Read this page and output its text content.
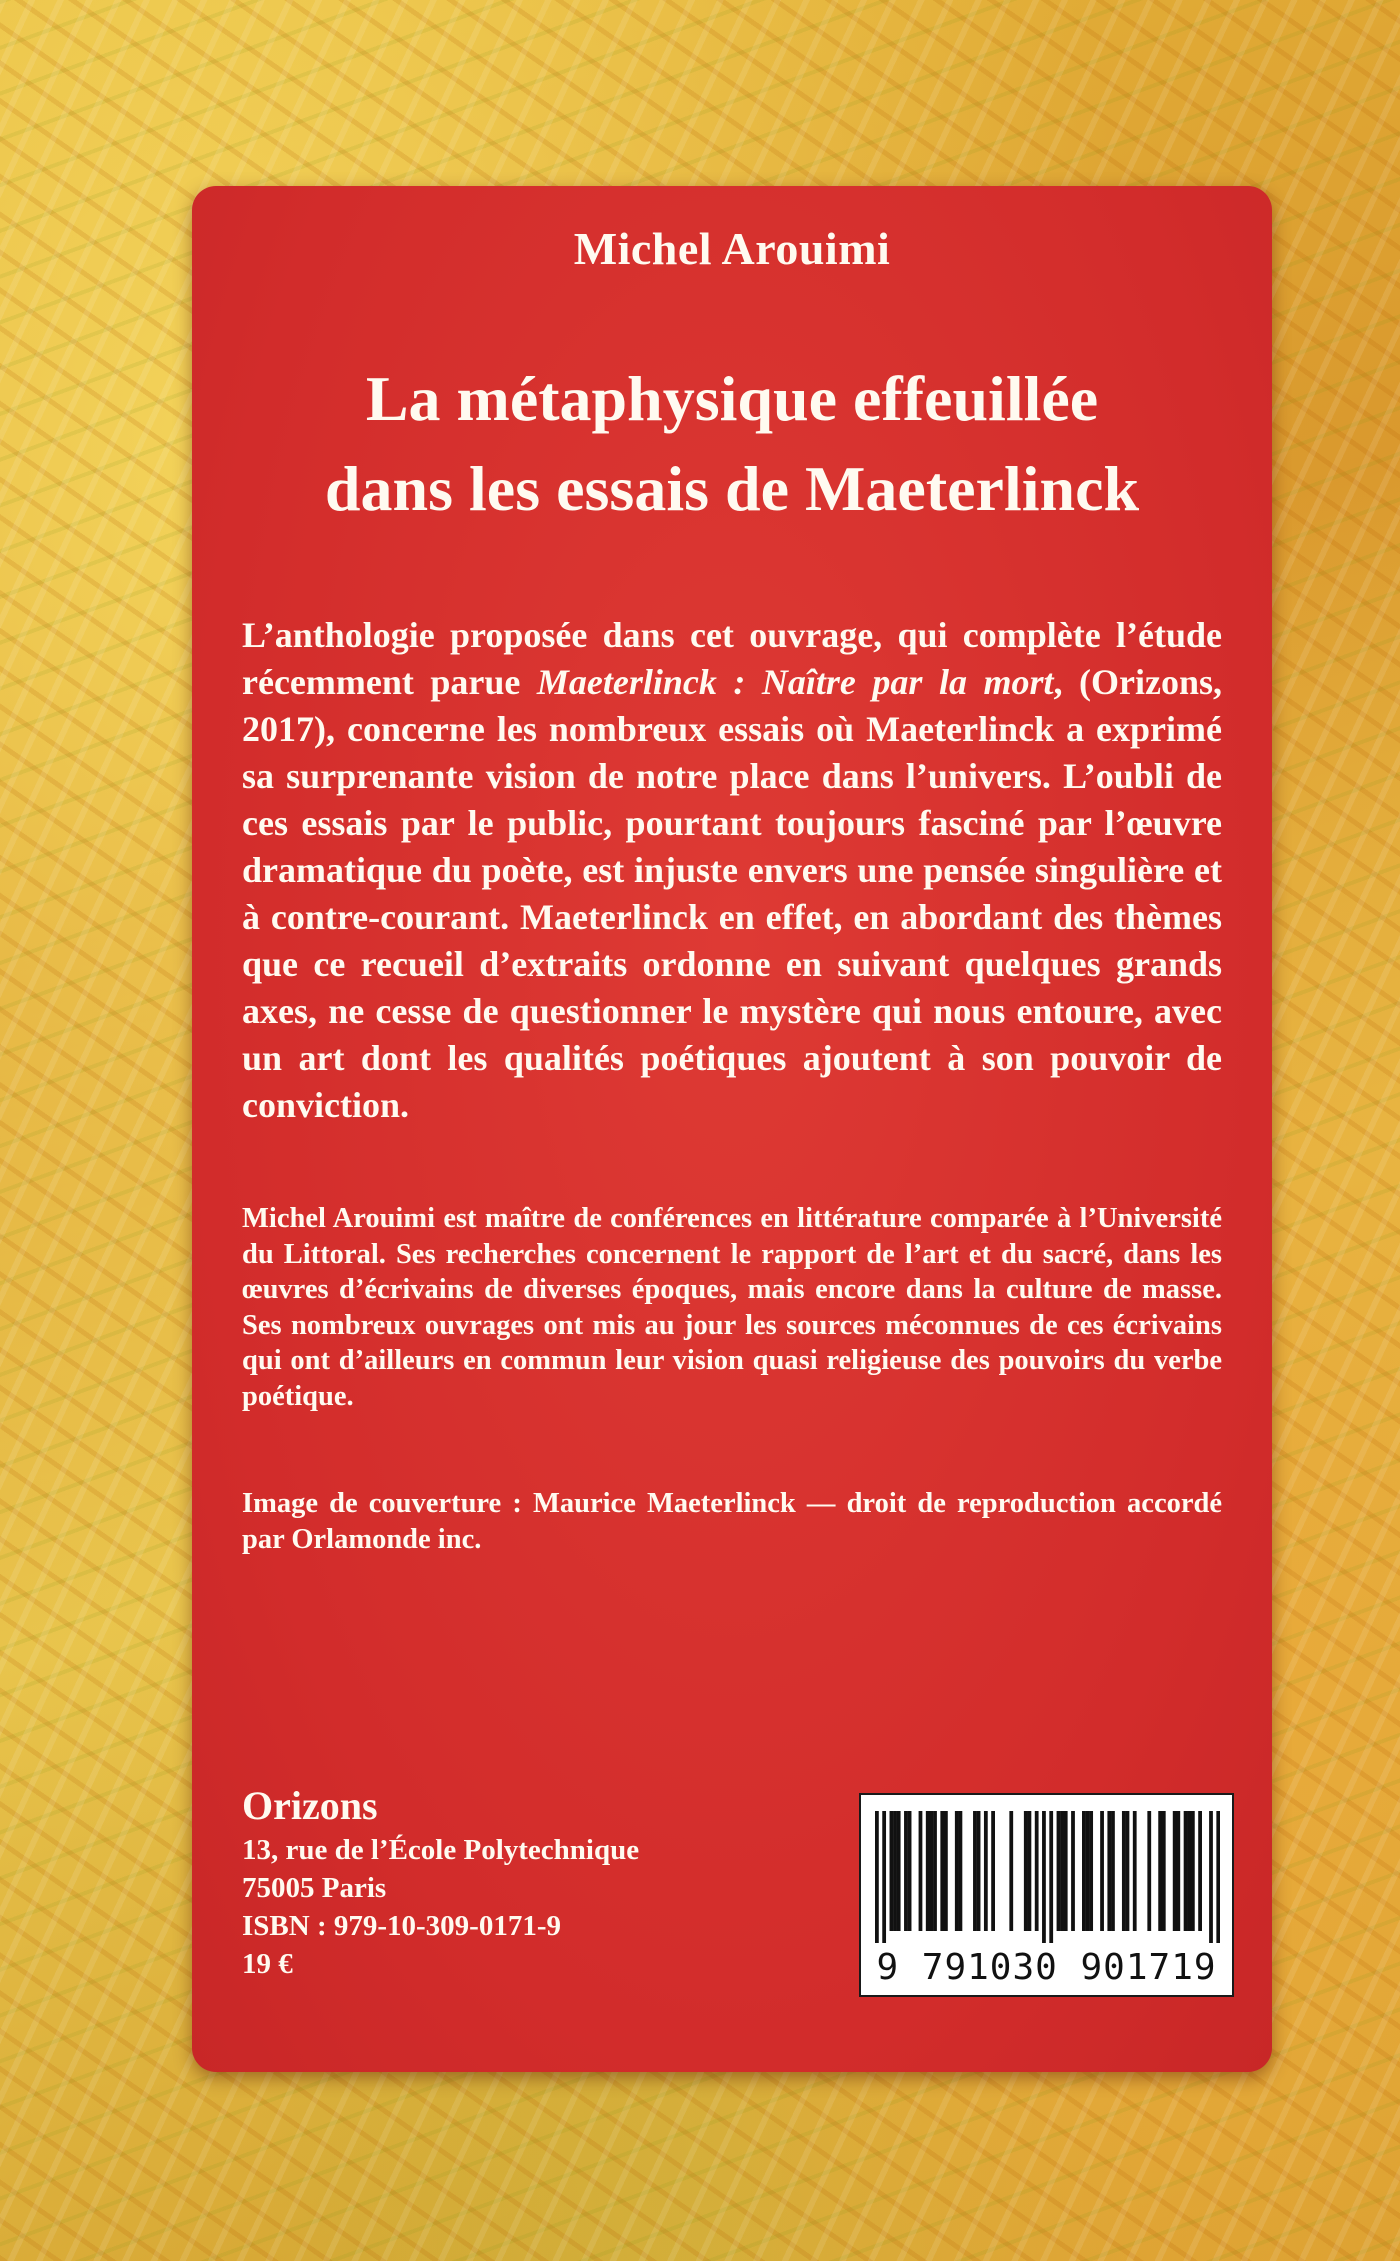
Michel Arouimi
La métaphysique effeuillée
dans les essais de Maeterlinck

L’anthologie proposée dans cet ouvrage, qui complète l’étude récemment parue Maeterlinck : Naître par la mort, (Orizons, 2017), concerne les nombreux essais où Maeterlinck a exprimé sa surprenante vision de notre place dans l’univers. L’oubli de ces essais par le public, pourtant toujours fasciné par l’œuvre dramatique du poète, est injuste envers une pensée singulière et à contre-courant. Maeterlinck en effet, en abordant des thèmes que ce recueil d’extraits ordonne en suivant quelques grands axes, ne cesse de questionner le mystère qui nous entoure, avec un art dont les qualités poétiques ajoutent à son pouvoir de conviction.

Michel Arouimi est maître de conférences en littérature comparée à l’Université du Littoral. Ses recherches concernent le rapport de l’art et du sacré, dans les œuvres d’écrivains de diverses époques, mais encore dans la culture de masse. Ses nombreux ouvrages ont mis au jour les sources méconnues de ces écrivains qui ont d’ailleurs en commun leur vision quasi religieuse des pouvoirs du verbe poétique.

Image de couverture : Maurice Maeterlinck — droit de reproduction accordé par Orlamonde inc.

Orizons
13, rue de l’École Polytechnique
75005 Paris
ISBN : 979-10-309-0171-9
19 €	9 791030 901719
